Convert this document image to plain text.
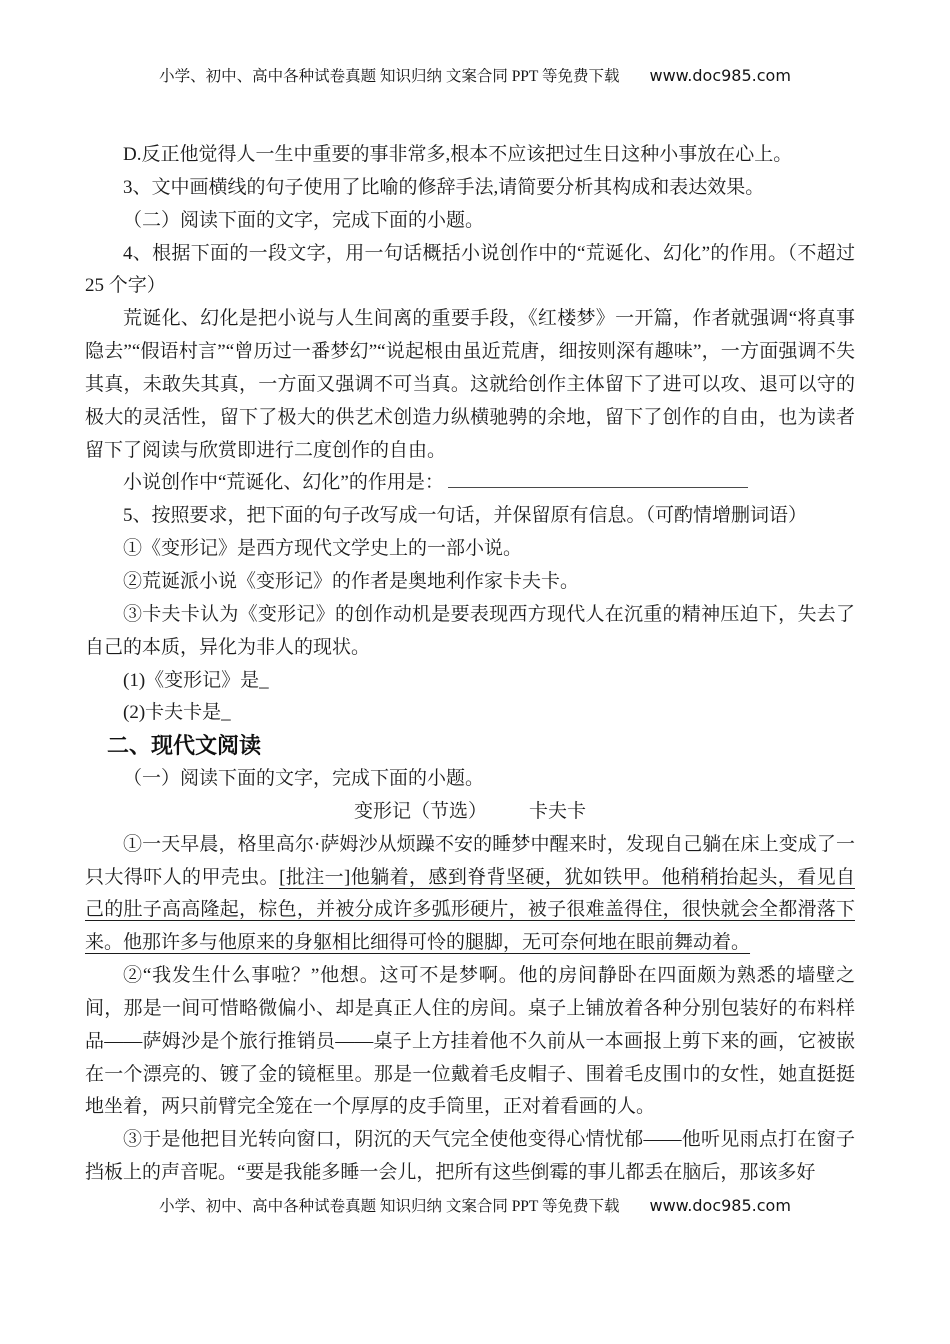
小学、初中、高中各种试卷真题 知识归纳 文案合同 PPT 等免费下载 www.doc985.com

D.反正他觉得人一生中重要的事非常多,根本不应该把过生日这种小事放在心上。

3、文中画横线的句子使用了比喻的修辞手法,请简要分析其构成和表达效果。

（二）阅读下面的文字，完成下面的小题。

4、根据下面的一段文字，用一句话概括小说创作中的“荒诞化、幻化”的作用。（不超过 25 个字）

荒诞化、幻化是把小说与人生间离的重要手段，《红楼梦》一开篇，作者就强调“将真事隐去”“假语村言”“曾历过一番梦幻”“说起根由虽近荒唐，细按则深有趣味”，一方面强调不失其真，未敢失其真，一方面又强调不可当真。这就给创作主体留下了进可以攻、退可以守的极大的灵活性，留下了极大的供艺术创造力纵横驰骋的余地，留下了创作的自由，也为读者留下了阅读与欣赏即进行二度创作的自由。

小说创作中“荒诞化、幻化”的作用是：

5、按照要求，把下面的句子改写成一句话，并保留原有信息。（可酌情增删词语）

①《变形记》是西方现代文学史上的一部小说。

②荒诞派小说《变形记》的作者是奥地利作家卡夫卡。

③卡夫卡认为《变形记》的创作动机是要表现西方现代人在沉重的精神压迫下，失去了自己的本质，异化为非人的现状。

(1)《变形记》是_

(2)卡夫卡是_

二、现代文阅读

（一）阅读下面的文字，完成下面的小题。

变形记（节选） 卡夫卡

①一天早晨，格里高尔·萨姆沙从烦躁不安的睡梦中醒来时，发现自己躺在床上变成了一只大得吓人的甲壳虫。[批注一]他躺着，感到脊背坚硬，犹如铁甲。他稍稍抬起头，看见自己的肚子高高隆起，棕色，并被分成许多弧形硬片，被子很难盖得住，很快就会全都滑落下来。他那许多与他原来的身躯相比细得可怜的腿脚，无可奈何地在眼前舞动着。

②“我发生什么事啦？”他想。这可不是梦啊。他的房间静卧在四面颇为熟悉的墙壁之间，那是一间可惜略微偏小、却是真正人住的房间。桌子上铺放着各种分别包装好的布料样品——萨姆沙是个旅行推销员——桌子上方挂着他不久前从一本画报上剪下来的画，它被嵌在一个漂亮的、镀了金的镜框里。那是一位戴着毛皮帽子、围着毛皮围巾的女性，她直挺挺地坐着，两只前臂完全笼在一个厚厚的皮手筒里，正对着看画的人。

③于是他把目光转向窗口，阴沉的天气完全使他变得心情忧郁——他听见雨点打在窗子挡板上的声音呢。“要是我能多睡一会儿，把所有这些倒霉的事儿都丢在脑后，那该多好

小学、初中、高中各种试卷真题 知识归纳 文案合同 PPT 等免费下载 www.doc985.com
